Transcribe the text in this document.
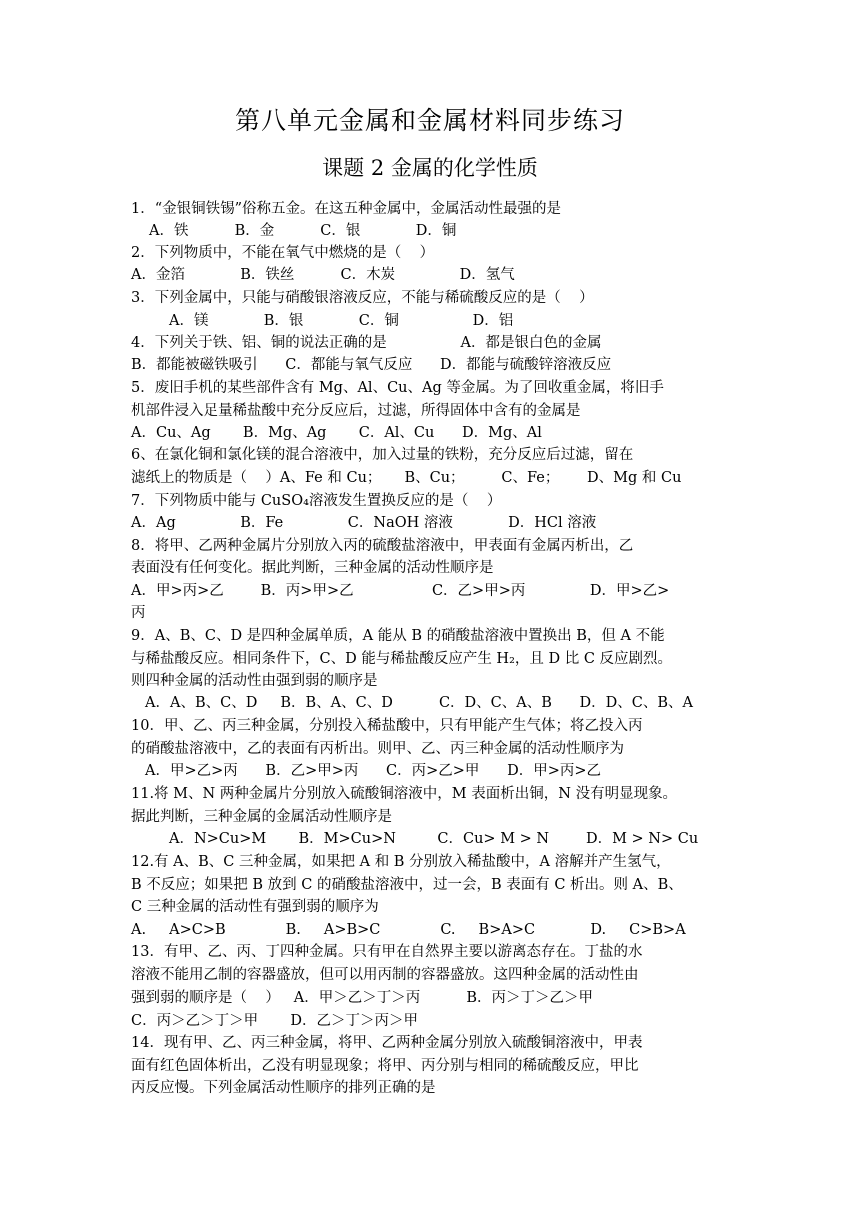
第八单元金属和金属材料同步练习
课题 2 金属的化学性质
1．“金银铜铁锡”俗称五金。在这五种金属中，金属活动性最强的是
A．铁          B．金          C．银            D．铜
2．下列物质中，不能在氧气中燃烧的是（    ）
A．金箔            B．铁丝          C．木炭              D．氢气
3．下列金属中，只能与硝酸银溶液反应，不能与稀硫酸反应的是（    ）
A．镁            B．银            C．铜                D．铝
4．下列关于铁、铝、铜的说法正确的是                A．都是银白色的金属
B．都能被磁铁吸引      C．都能与氧气反应      D．都能与硫酸锌溶液反应
5．废旧手机的某些部件含有 Mg、Al、Cu、Ag 等金属。为了回收重金属，将旧手
机部件浸入足量稀盐酸中充分反应后，过滤，所得固体中含有的金属是
A．Cu、Ag       B．Mg、Ag       C．Al、Cu      D．Mg、Al
6、在氯化铜和氯化镁的混合溶液中，加入过量的铁粉，充分反应后过滤，留在
滤纸上的物质是（    ）A、Fe 和 Cu；     B、Cu；        C、Fe；      D、Mg 和 Cu
7．下列物质中能与 CuSO₄溶液发生置换反应的是（    ）
A．Ag              B．Fe              C．NaOH 溶液            D．HCl 溶液
8．将甲、乙两种金属片分别放入丙的硫酸盐溶液中，甲表面有金属丙析出，乙
表面没有任何变化。据此判断，三种金属的活动性顺序是
A．甲>丙>乙        B．丙>甲>乙                 C．乙>甲>丙              D．甲>乙>
丙
9．A、B、C、D 是四种金属单质，A 能从 B 的硝酸盐溶液中置换出 B，但 A 不能
与稀盐酸反应。相同条件下，C、D 能与稀盐酸反应产生 H₂，且 D 比 C 反应剧烈。
则四种金属的活动性由强到弱的顺序是
A．A、B、C、D     B．B、A、C、D          C．D、C、A、B      D．D、C、B、A
10．甲、乙、丙三种金属，分别投入稀盐酸中，只有甲能产生气体；将乙投入丙
的硝酸盐溶液中，乙的表面有丙析出。则甲、乙、丙三种金属的活动性顺序为
A．甲>乙>丙      B．乙>甲>丙      C．丙>乙>甲      D．甲>丙>乙
11.将 M、N 两种金属片分别放入硫酸铜溶液中，M 表面析出铜，N 没有明显现象。
据此判断，三种金属的金属活动性顺序是
A．N>Cu>M       B．M>Cu>N         C．Cu> M > N        D．M > N> Cu
12.有 A、B、C 三种金属，如果把 A 和 B 分别放入稀盐酸中，A 溶解并产生氢气，
B 不反应；如果把 B 放到 C 的硝酸盐溶液中，过一会，B 表面有 C 析出。则 A、B、
C 三种金属的活动性有强到弱的顺序为
A.     A>C>B             B.     A>B>C             C.     B>A>C            D.     C>B>A
13．有甲、乙、丙、丁四种金属。只有甲在自然界主要以游离态存在。丁盐的水
溶液不能用乙制的容器盛放，但可以用丙制的容器盛放。这四种金属的活动性由
强到弱的顺序是（    ）   A．甲＞乙＞丁＞丙          B．丙＞丁＞乙＞甲
C．丙＞乙＞丁＞甲       D．乙＞丁＞丙＞甲
14．现有甲、乙、丙三种金属，将甲、乙两种金属分别放入硫酸铜溶液中，甲表
面有红色固体析出，乙没有明显现象；将甲、丙分别与相同的稀硫酸反应，甲比
丙反应慢。下列金属活动性顺序的排列正确的是
